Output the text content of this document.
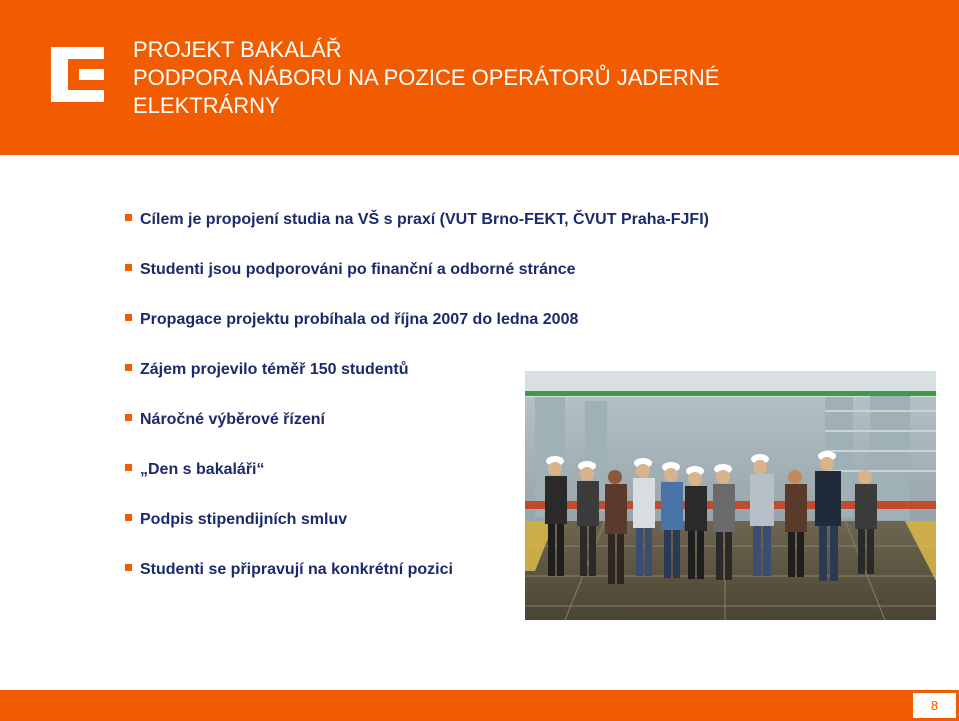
PROJEKT BAKALÁŘ
PODPORA NÁBORU NA POZICE OPERÁTORŮ JADERNÉ
ELEKTRÁRNY
Cílem je propojení studia na VŠ s praxí (VUT Brno-FEKT, ČVUT Praha-FJFI)
Studenti jsou podporováni po finanční a odborné stránce
Propagace projektu probíhala od října 2007 do ledna 2008
Zájem projevilo téměř 150 studentů
Náročné výběrové řízení
„Den s bakaláři“
Podpis stipendijních smluv
Studenti se připravují na konkrétní pozici
8
